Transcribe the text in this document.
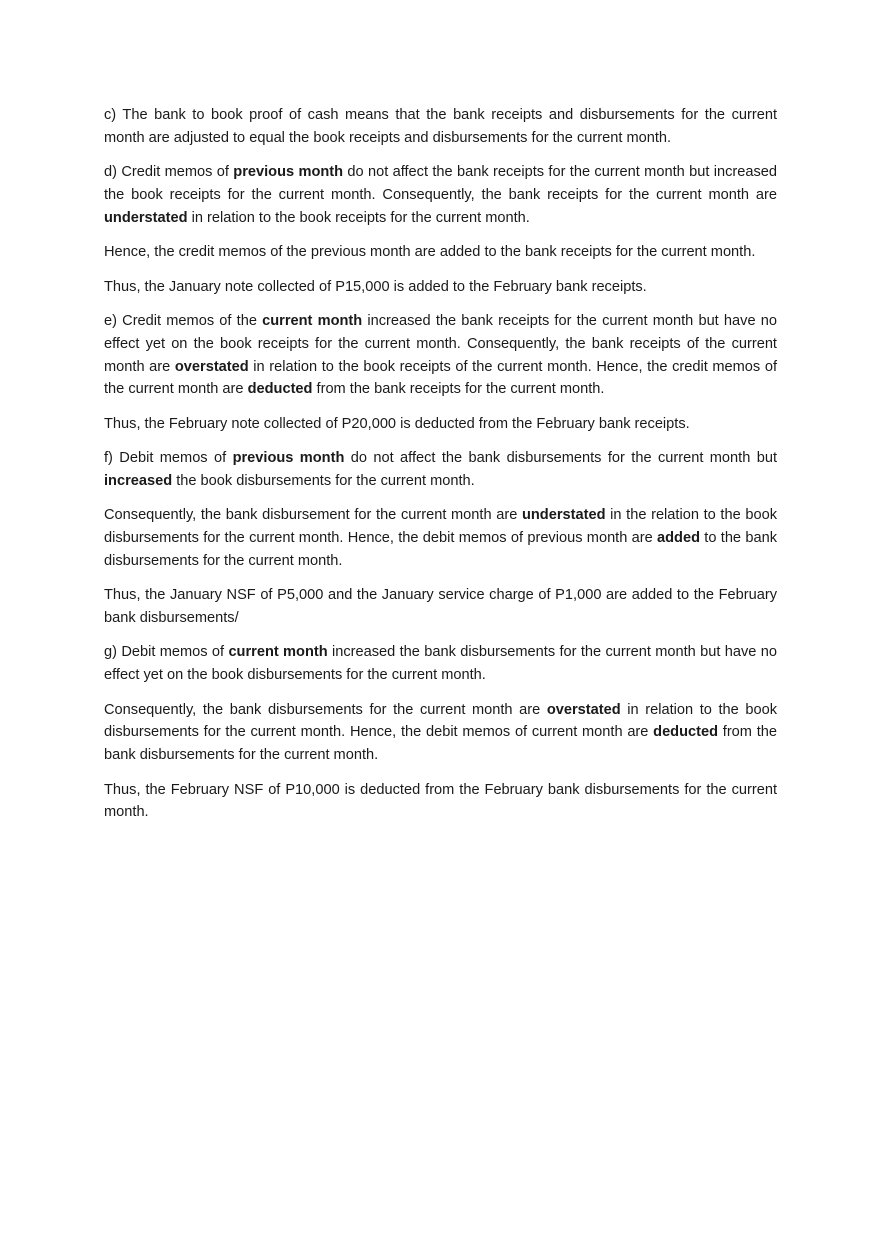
c) The bank to book proof of cash means that the bank receipts and disbursements for the current month are adjusted to equal the book receipts and disbursements for the current month.

d) Credit memos of previous month do not affect the bank receipts for the current month but increased the book receipts for the current month. Consequently, the bank receipts for the current month are understated in relation to the book receipts for the current month.

Hence, the credit memos of the previous month are added to the bank receipts for the current month.

Thus, the January note collected of P15,000 is added to the February bank receipts.

e) Credit memos of the current month increased the bank receipts for the current month but have no effect yet on the book receipts for the current month. Consequently, the bank receipts of the current month are overstated in relation to the book receipts of the current month. Hence, the credit memos of the current month are deducted from the bank receipts for the current month.

Thus, the February note collected of P20,000 is deducted from the February bank receipts.

f) Debit memos of previous month do not affect the bank disbursements for the current month but increased the book disbursements for the current month.

Consequently, the bank disbursement for the current month are understated in the relation to the book disbursements for the current month. Hence, the debit memos of previous month are added to the bank disbursements for the current month.

Thus, the January NSF of P5,000 and the January service charge of P1,000 are added to the February bank disbursements/

g) Debit memos of current month increased the bank disbursements for the current month but have no effect yet on the book disbursements for the current month.

Consequently, the bank disbursements for the current month are overstated in relation to the book disbursements for the current month. Hence, the debit memos of current month are deducted from the bank disbursements for the current month.

Thus, the February NSF of P10,000 is deducted from the February bank disbursements for the current month.
